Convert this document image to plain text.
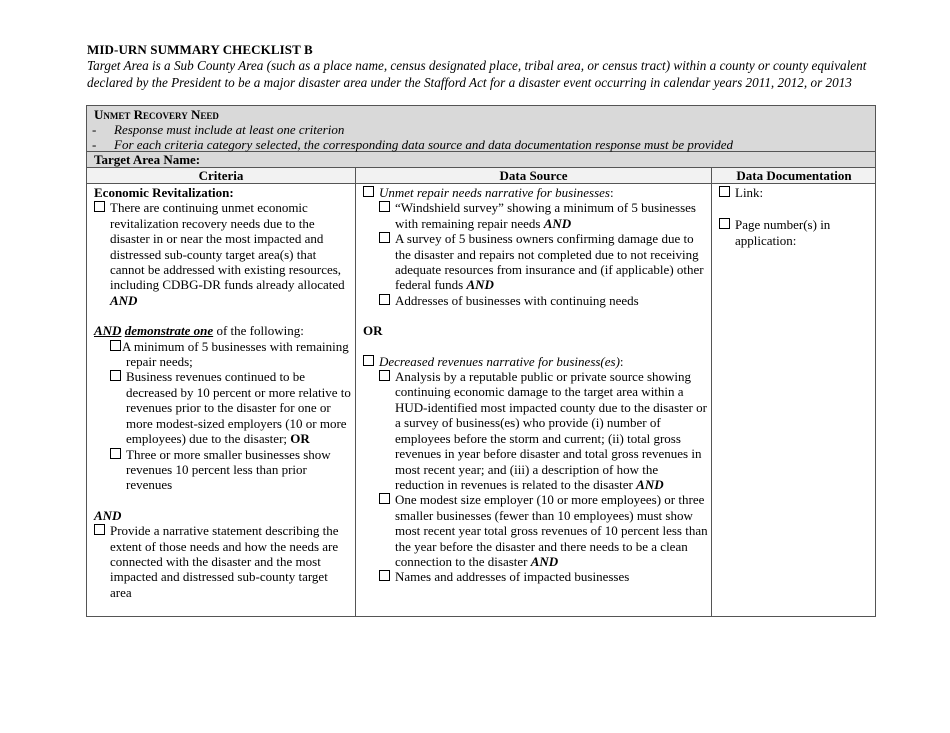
MID-URN SUMMARY CHECKLIST B
Target Area is a Sub County Area (such as a place name, census designated place, tribal area, or census tract) within a county or county equivalent declared by the President to be a major disaster area under the Stafford Act for a disaster event occurring in calendar years 2011, 2012, or 2013
Unmet Recovery Need
- Response must include at least one criterion
- For each criteria category selected, the corresponding data source and data documentation response must be provided
Target Area Name:
Criteria	Data Source	Data Documentation
Economic Revitalization:
There are continuing unmet economic revitalization recovery needs due to the disaster in or near the most impacted and distressed sub-county target area(s) that cannot be addressed with existing resources, including CDBG-DR funds already allocated
AND
AND demonstrate one of the following:
A minimum of 5 businesses with remaining repair needs;
Business revenues continued to be decreased by 10 percent or more relative to revenues prior to the disaster for one or more modest-sized employers (10 or more employees) due to the disaster; OR
Three or more smaller businesses show revenues 10 percent less than prior revenues
AND
Provide a narrative statement describing the extent of those needs and how the needs are connected with the disaster and the most impacted and distressed sub-county target area
Unmet repair needs narrative for businesses:
“Windshield survey” showing a minimum of 5 businesses with remaining repair needs AND
A survey of 5 business owners confirming damage due to the disaster and repairs not completed due to not receiving adequate resources from insurance and (if applicable) other federal funds AND
Addresses of businesses with continuing needs
OR
Decreased revenues narrative for business(es):
Analysis by a reputable public or private source showing continuing economic damage to the target area within a HUD-identified most impacted county due to the disaster or a survey of business(es) who provide (i) number of employees before the storm and current; (ii) total gross revenues in year before disaster and total gross revenues in most recent year; and (iii) a description of how the reduction in revenues is related to the disaster AND
One modest size employer (10 or more employees) or three smaller businesses (fewer than 10 employees) must show most recent year total gross revenues of 10 percent less than the year before the disaster and there needs to be a clean connection to the disaster AND
Names and addresses of impacted businesses
Link:
Page number(s) in application:
